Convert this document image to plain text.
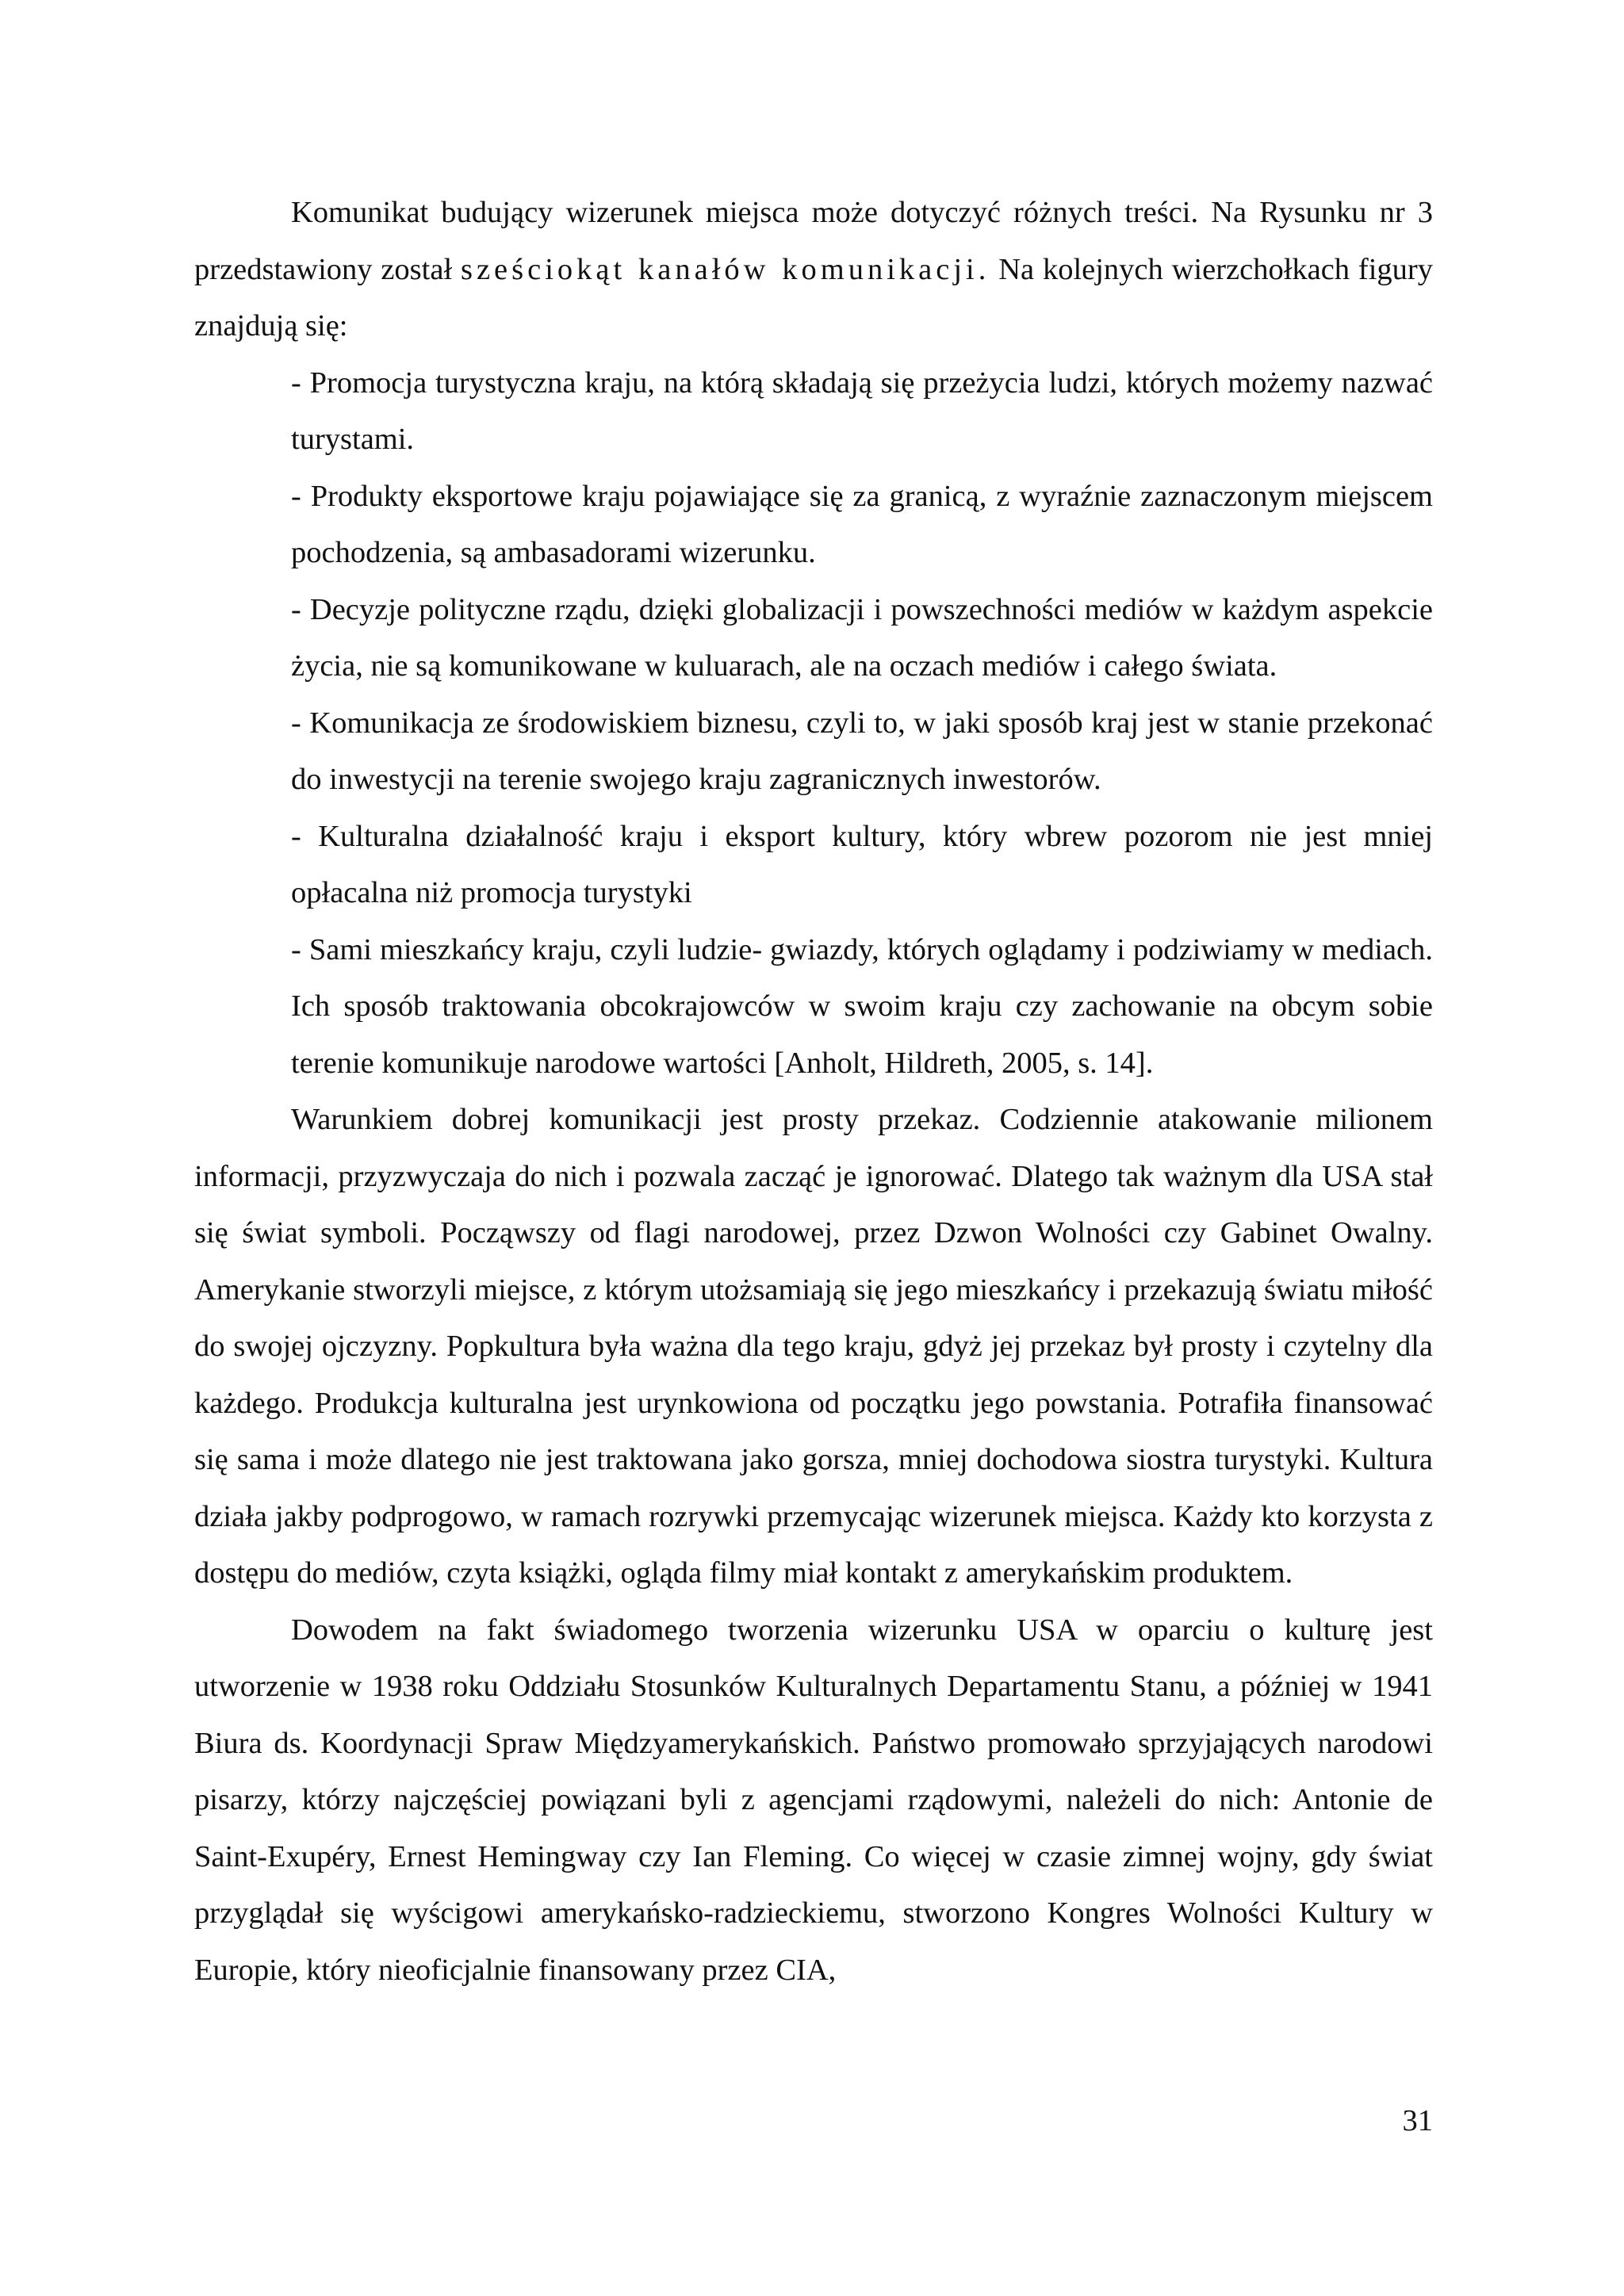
Komunikat budujący wizerunek miejsca może dotyczyć różnych treści. Na Rysunku nr 3 przedstawiony został sześciokąt kanałów komunikacji. Na kolejnych wierzchołkach figury znajdują się:

- Promocja turystyczna kraju, na którą składają się przeżycia ludzi, których możemy nazwać turystami.
- Produkty eksportowe kraju pojawiające się za granicą, z wyraźnie zaznaczonym miejscem pochodzenia, są ambasadorami wizerunku.
- Decyzje polityczne rządu, dzięki globalizacji i powszechności mediów w każdym aspekcie życia, nie są komunikowane w kuluarach, ale na oczach mediów i całego świata.
- Komunikacja ze środowiskiem biznesu, czyli to, w jaki sposób kraj jest w stanie przekonać do inwestycji na terenie swojego kraju zagranicznych inwestorów.
- Kulturalna działalność kraju i eksport kultury, który wbrew pozorom nie jest mniej opłacalna niż promocja turystyki
- Sami mieszkańcy kraju, czyli ludzie- gwiazdy, których oglądamy i podziwiamy w mediach. Ich sposób traktowania obcokrajowców w swoim kraju czy zachowanie na obcym sobie terenie komunikuje narodowe wartości [Anholt, Hildreth, 2005, s. 14].

Warunkiem dobrej komunikacji jest prosty przekaz. Codziennie atakowanie milionem informacji, przyzwyczaja do nich i pozwala zacząć je ignorować. Dlatego tak ważnym dla USA stał się świat symboli. Począwszy od flagi narodowej, przez Dzwon Wolności czy Gabinet Owalny. Amerykanie stworzyli miejsce, z którym utożsamiają się jego mieszkańcy i przekazują światu miłość do swojej ojczyzny. Popkultura była ważna dla tego kraju, gdyż jej przekaz był prosty i czytelny dla każdego. Produkcja kulturalna jest urynkowiona od początku jego powstania. Potrafiła finansować się sama i może dlatego nie jest traktowana jako gorsza, mniej dochodowa siostra turystyki. Kultura działa jakby podprogowo, w ramach rozrywki przemycając wizerunek miejsca. Każdy kto korzysta z dostępu do mediów, czyta książki, ogląda filmy miał kontakt z amerykańskim produktem.

Dowodem na fakt świadomego tworzenia wizerunku USA w oparciu o kulturę jest utworzenie w 1938 roku Oddziału Stosunków Kulturalnych Departamentu Stanu, a później w 1941 Biura ds. Koordynacji Spraw Międzyamerykańskich. Państwo promowało sprzyjających narodowi pisarzy, którzy najczęściej powiązani byli z agencjami rządowymi, należeli do nich: Antonie de Saint-Exupéry, Ernest Hemingway czy Ian Fleming. Co więcej w czasie zimnej wojny, gdy świat przyglądał się wyścigowi amerykańsko-radzieckiemu, stworzono Kongres Wolności Kultury w Europie, który nieoficjalnie finansowany przez CIA,

31
